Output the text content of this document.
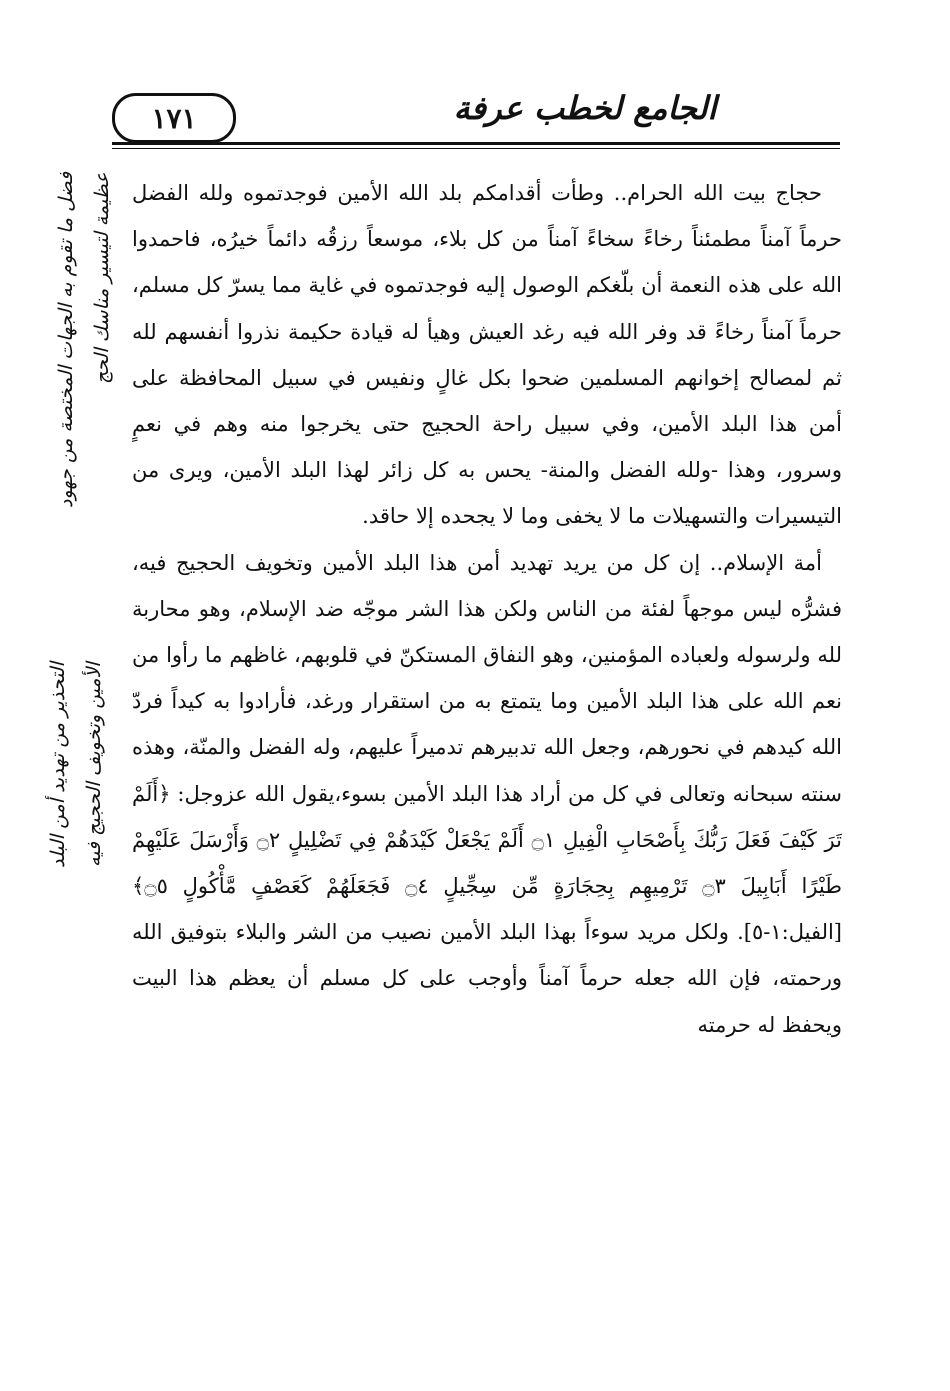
١٧١	الجامع لخطب عرفة

حجاج بيت الله الحرام.. وطأت أقدامكم بلد الله الأمين فوجدتموه ولله الفضل حرماً آمناً مطمئناً رخاءً سخاءً آمناً من كل بلاء، موسعاً رزقُه دائماً خيرُه، فاحمدوا الله على هذه النعمة أن بلّغكم الوصول إليه فوجدتموه في غاية مما يسرّ كل مسلم، حرماً آمناً رخاءً قد وفر الله فيه رغد العيش وهيأ له قيادة حكيمة نذروا أنفسهم لله ثم لمصالح إخوانهم المسلمين ضحوا بكل غالٍ ونفيس في سبيل المحافظة على أمن هذا البلد الأمين، وفي سبيل راحة الحجيج حتى يخرجوا منه وهم في نعمٍ وسرور، وهذا -ولله الفضل والمنة- يحس به كل زائر لهذا البلد الأمين، ويرى من التيسيرات والتسهيلات ما لا يخفى وما لا يجحده إلا حاقد.

أمة الإسلام.. إن كل من يريد تهديد أمن هذا البلد الأمين وتخويف الحجيج فيه، فشرُّه ليس موجهاً لفئة من الناس ولكن هذا الشر موجّه ضد الإسلام، وهو محاربة لله ولرسوله ولعباده المؤمنين، وهو النفاق المستكنّ في قلوبهم، غاظهم ما رأوا من نعم الله على هذا البلد الأمين وما يتمتع به من استقرار ورغد، فأرادوا به كيداً فردّ الله كيدهم في نحورهم، وجعل الله تدبيرهم تدميراً عليهم، وله الفضل والمنّة، وهذه سنته سبحانه وتعالى في كل من أراد هذا البلد الأمين بسوء،يقول الله عزوجل: ﴿أَلَمْ تَرَ كَيْفَ فَعَلَ رَبُّكَ بِأَصْحَابِ الْفِيلِ ۝١ أَلَمْ يَجْعَلْ كَيْدَهُمْ فِي تَضْلِيلٍ ۝٢ وَأَرْسَلَ عَلَيْهِمْ طَيْرًا أَبَابِيلَ ۝٣ تَرْمِيهِم بِحِجَارَةٍ مِّن سِجِّيلٍ ۝٤ فَجَعَلَهُمْ كَعَصْفٍ مَّأْكُولٍ ۝٥﴾ [الفيل:١-٥]. ولكل مريد سوءاً بهذا البلد الأمين نصيب من الشر والبلاء بتوفيق الله ورحمته، فإن الله جعله حرماً آمناً وأوجب على كل مسلم أن يعظم هذا البيت ويحفظ له حرمته

فضل ما تقوم به الجهات المختصة من جهود
عظيمة لتيسير مناسك الحج
التحذير من تهديد أمن البلد
الأمين وتخويف الحجيج فيه
